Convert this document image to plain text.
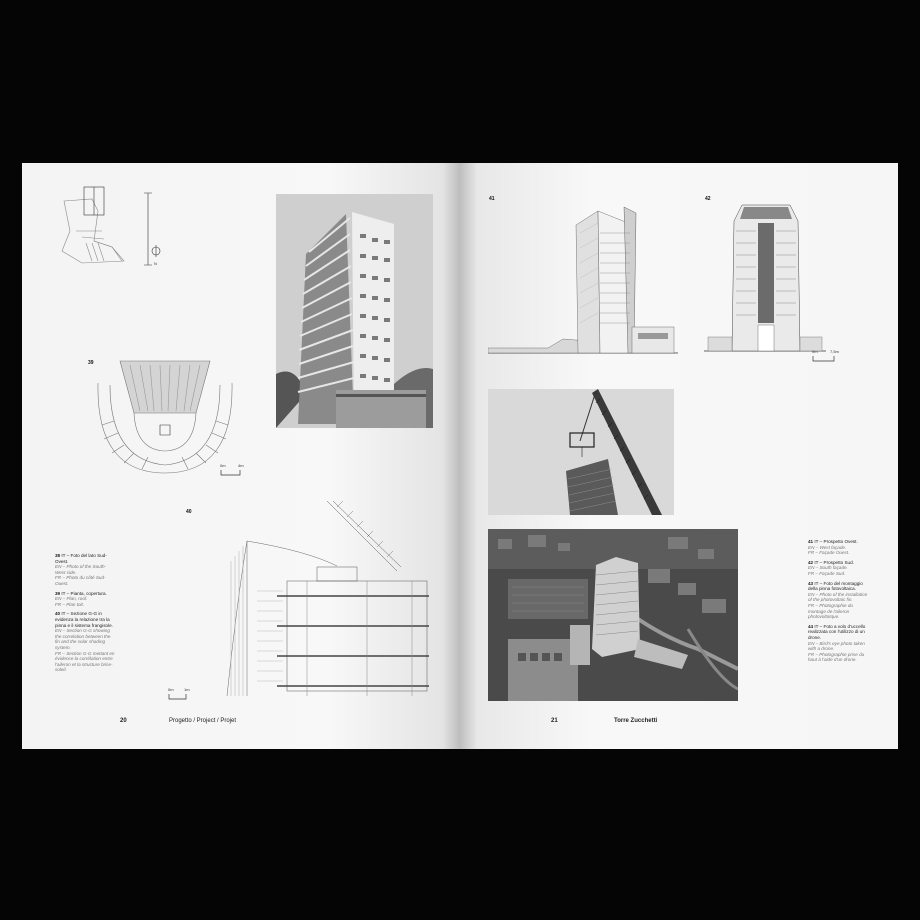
N
39
0m	4m
40
0m	1m

38 IT – Foto del lato Sud-Ovest.
EN – Photo of the South-West side.
FR – Photo du côté Sud-Ouest.

39 IT – Pianta, copertura.
EN – Plan, roof.
FR – Plan toit.

40 IT – Sezione G-G in evidenza la relazione tra la pinna e il sistema frangisole.
EN – Section G-G showing the correlation between the fin and the solar shading system.
FR – Section G-G mettant en évidence la corrélation entre l'aileron et la structure brise-soleil.

20	Progetto / Project / Projet
41	42
0m	7,5m

41 IT – Prospetto Ovest.
EN – West façade.
FR – Façade Ouest.

42 IT – Prospetto Sud.
EN – South façade.
FR – Façade Sud.

43 IT – Foto del montaggio della pinna fotovoltaica.
EN – Photo of the installation of the photovoltaic fin.
FR – Photographie du montage de l'aileron photovoltaïque.

44 IT – Foto a volo d'uccello realizzata con l'utilizzo di un drone.
EN – Bird's eye photo taken with a drone.
FR – Photographie prise du haut à l'aide d'un drone.

21	Torre Zucchetti
